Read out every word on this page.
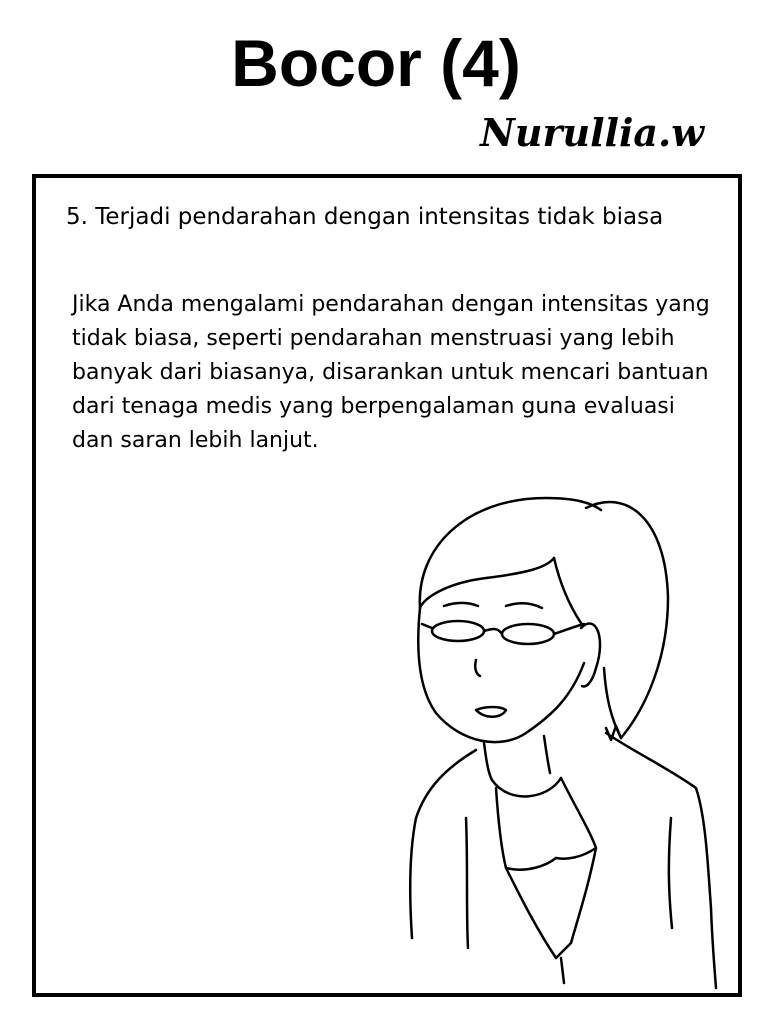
Bocor (4)
Nurullia.w
5. Terjadi pendarahan dengan intensitas tidak biasa
Jika Anda mengalami pendarahan dengan intensitas yang tidak biasa, seperti pendarahan menstruasi yang lebih banyak dari biasanya, disarankan untuk mencari bantuan dari tenaga medis yang berpengalaman guna evaluasi dan saran lebih lanjut.
